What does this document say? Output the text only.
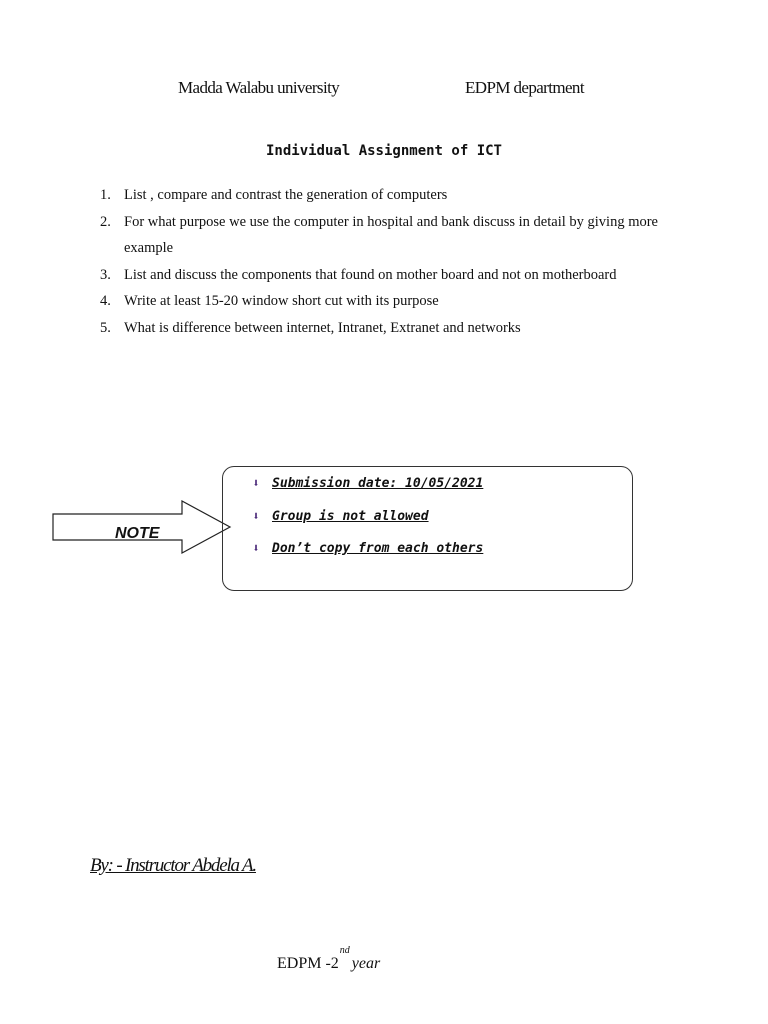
Madda Walabu university	EDPM department
Individual Assignment of ICT
1. List , compare and contrast the generation of computers
2. For what purpose we use the computer in hospital and bank discuss in detail by giving more example
3. List and discuss the components that found on mother board and not on motherboard
4. Write at least 15-20 window short cut with its purpose
5. What is difference between internet, Intranet, Extranet and networks
NOTE
⬇ Submission date: 10/05/2021
⬇ Group is not allowed
⬇ Don’t copy from each others
By: - Instructor Abdela A.
EDPM -2ndyear
